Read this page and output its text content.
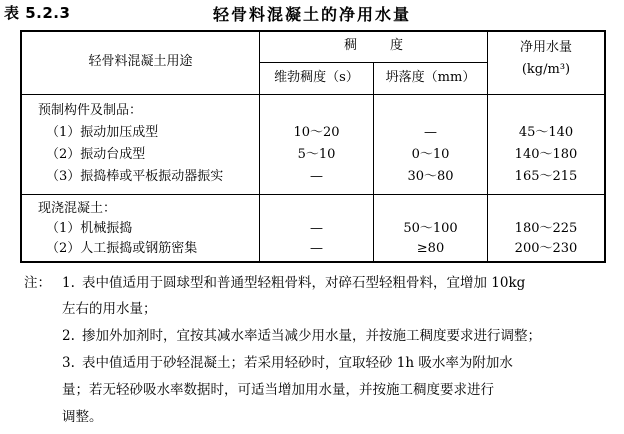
表 5.2.3	轻骨料混凝土的净用水量
轻骨料混凝土用途
稠        度
维勃稠度（s）	坍落度（mm）
净用水量
(kg/m³)
预制构件及制品：
（1）振动加压成型	10～20	—	45～140
（2）振动台成型	5～10	0～10	140～180
（3）振捣棒或平板振动器振实	—	30～80	165～215
现浇混凝土：
（1）机械振捣	—	50～100	180～225
（2）人工振捣或钢筋密集	—	≥80	200～230
注： 1. 表中值适用于圆球型和普通型轻粗骨料，对碎石型轻粗骨料，宜增加 10kg
左右的用水量；
2. 掺加外加剂时，宜按其减水率适当减少用水量，并按施工稠度要求进行调整；
3. 表中值适用于砂轻混凝土；若采用轻砂时，宜取轻砂 1h 吸水率为附加水
量；若无轻砂吸水率数据时，可适当增加用水量，并按施工稠度要求进行
调整。
